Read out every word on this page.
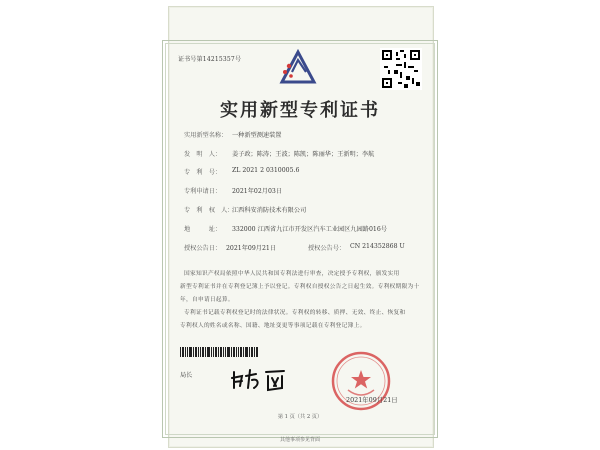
证书号第14215357号
实用新型专利证书
实用新型名称： 一种新型测速装置
发　明　人： 姜子政；陈涛；王波；陈凯；陈丽华；王新明；李航
专　利　号： ZL 2021 2 0310005.6
专利申请日： 2021年02月03日
专　利　权　人：
江西科安消防技术有限公司
地　　　址： 332000 江西省九江市开发区汽车工业园区九园路016号
授权公告日： 2021年09月21日	授权公告号： CN 214352868 U
国家知识产权局依照中华人民共和国专利法进行审查，决定授予专利权，颁发实用
新型专利证书并在专利登记簿上予以登记。专利权自授权公告之日起生效。专利权期限为十
年，自申请日起算。
专利证书记载专利权登记时的法律状况。专利权的转移、质押、无效、终止、恢复和
专利权人的姓名或名称、国籍、地址变更等事项记载在专利登记簿上。
局长
2021年09月21日
第 1 页（共 2 页）
其他事项参见背面
